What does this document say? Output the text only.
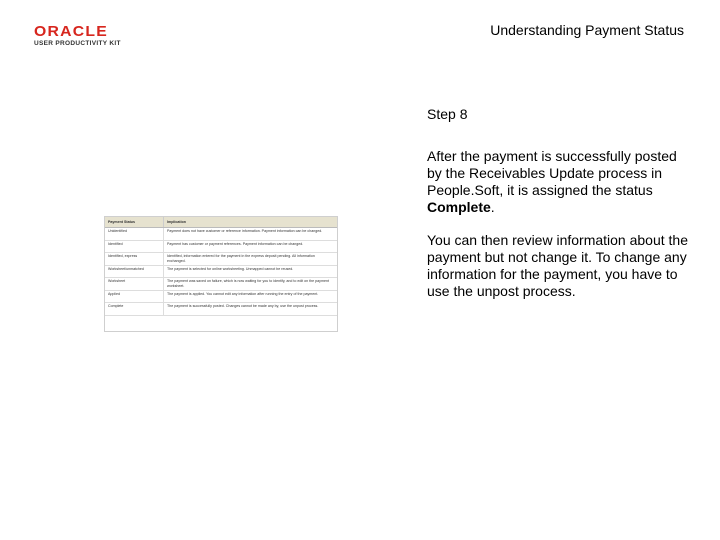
ORACLE
USER PRODUCTIVITY KIT
Understanding Payment Status
Step 8
After the payment is successfully posted by the Receivables Update process in People.Soft, it is assigned the status Complete.
You can then review information about the payment but not change it. To change any information for the payment, you have to use the unpost process.
Payment Status	Implication
Unidentified	Payment does not have customer or reference information. Payment information can be changed.
Identified	Payment has customer or payment references. Payment information can be changed.
Identified, express	Identified, information entered for the payment in the express deposit pending. All information exchanged.
Worksheet/unmatched	The payment is selected for online worksheeting. Unmapped cannot be reused.
Worksheet	The payment was saved on failure, which is now waiting for you to identify, and to edit on the payment worksheet.
Applied	The payment is applied. You cannot edit any information after running the entry of the payment.
Complete	The payment is successfully posted. Changes cannot be made any by, use the unpost process.
